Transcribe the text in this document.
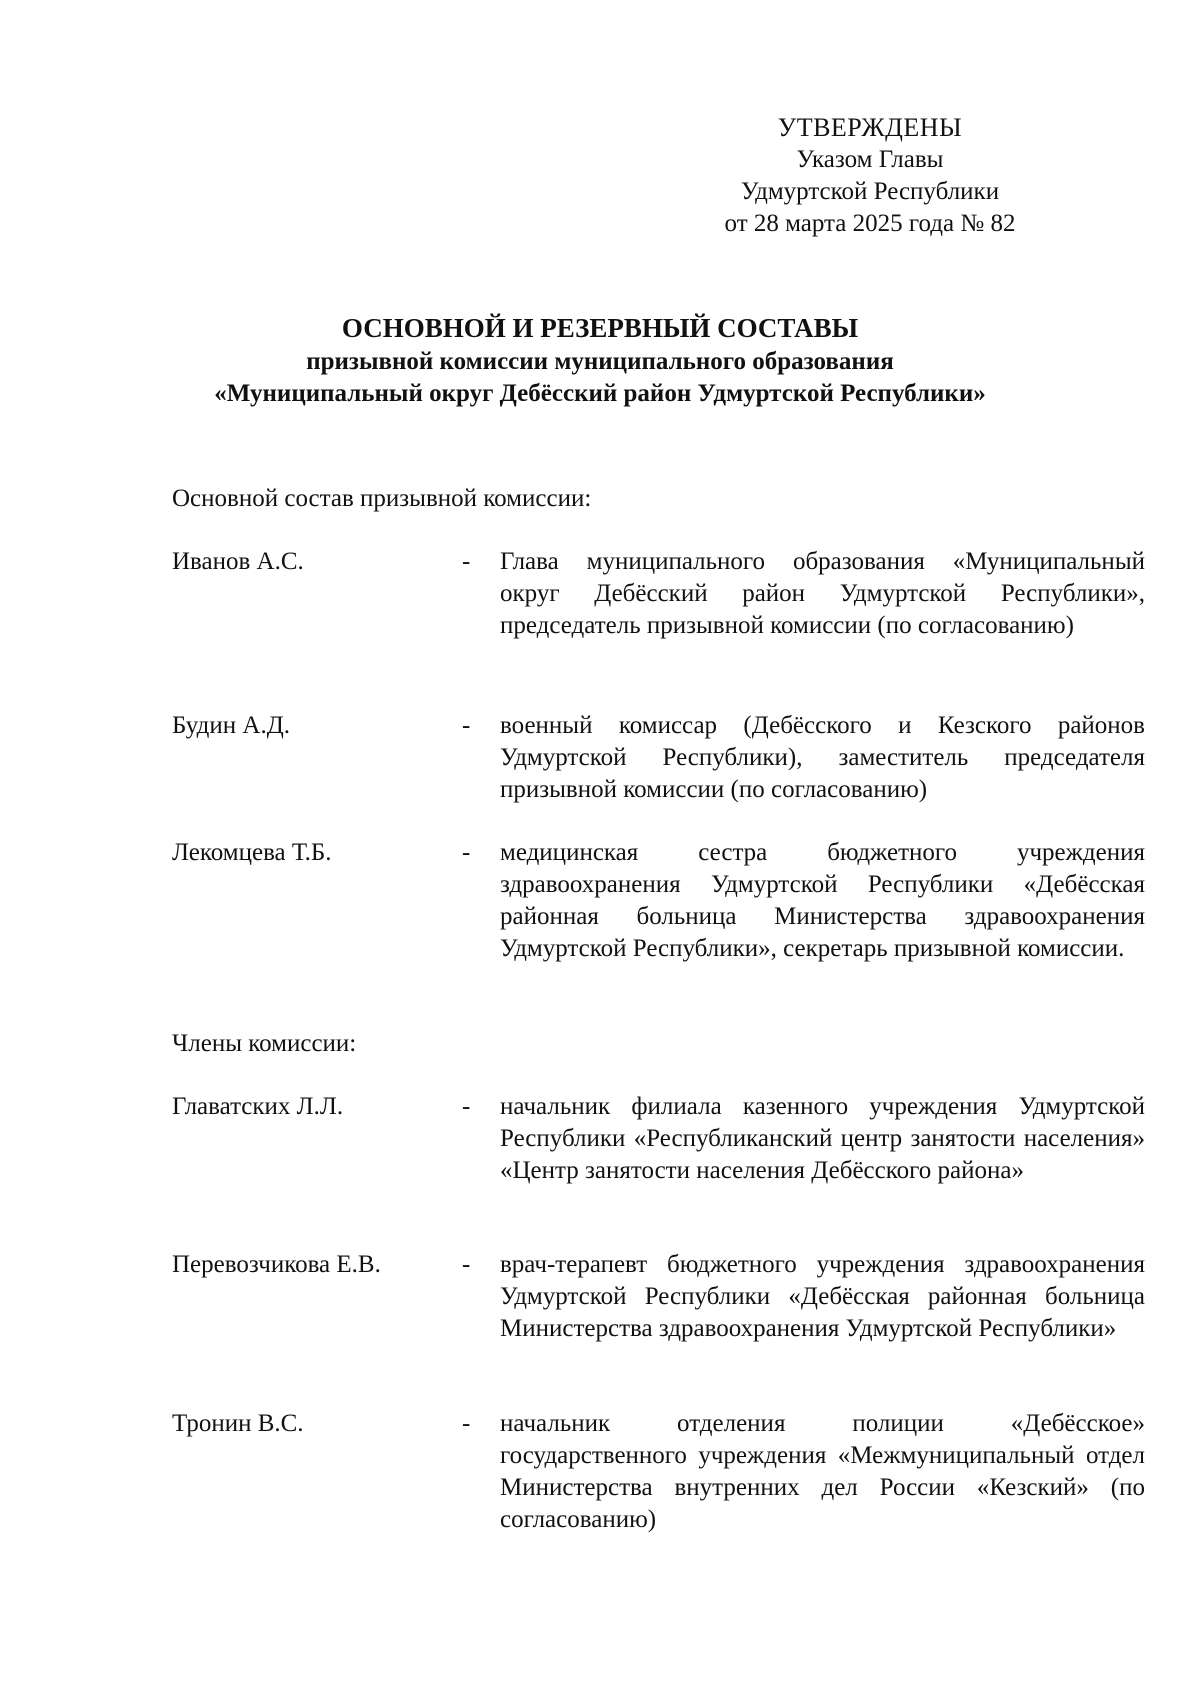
УТВЕРЖДЕНЫ
Указом Главы
Удмуртской Республики
от 28 марта 2025 года № 82
ОСНОВНОЙ И РЕЗЕРВНЫЙ СОСТАВЫ
призывной комиссии муниципального образования
«Муниципальный округ Дебёсский район Удмуртской Республики»
Основной состав призывной комиссии:
Иванов А.С.	- Глава муниципального образования «Муниципальный округ Дебёсский район Удмуртской Республики», председатель призывной комиссии (по согласованию)
Будин А.Д.	- военный комиссар (Дебёсского и Кезского районов Удмуртской Республики), заместитель председателя призывной комиссии (по согласованию)
Лекомцева Т.Б.	- медицинская сестра бюджетного учреждения здравоохранения Удмуртской Республики «Дебёсская районная больница Министерства здравоохранения Удмуртской Республики», секретарь призывной комиссии.
Члены комиссии:
Главатских Л.Л.	- начальник филиала казенного учреждения Удмуртской Республики «Республиканский центр занятости населения» «Центр занятости населения Дебёсского района»
Перевозчикова Е.В.	- врач-терапевт бюджетного учреждения здравоохранения Удмуртской Республики «Дебёсская районная больница Министерства здравоохранения Удмуртской Республики»
Тронин В.С.	- начальник отделения полиции «Дебёсское» государственного учреждения «Межмуниципальный отдел Министерства внутренних дел России «Кезский» (по согласованию)
